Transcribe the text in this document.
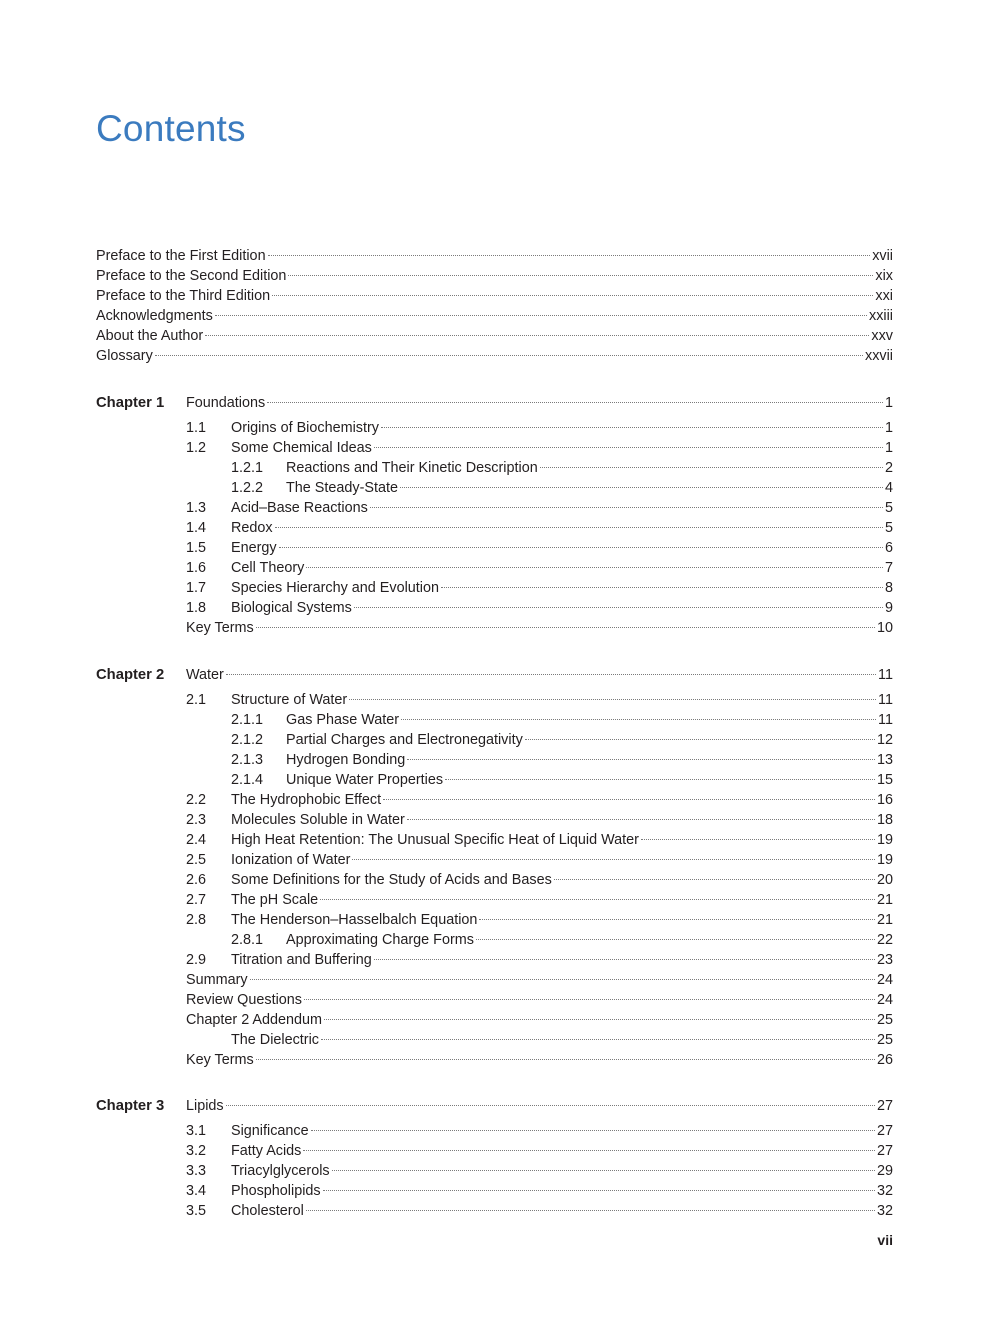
Contents
Preface to the First Edition	xvii
Preface to the Second Edition	xix
Preface to the Third Edition	xxi
Acknowledgments	xxiii
About the Author	xxv
Glossary	xxvii
Chapter 1 Foundations	1
1.1	Origins of Biochemistry	1
1.2	Some Chemical Ideas	1
1.2.1	Reactions and Their Kinetic Description	2
1.2.2	The Steady-State	4
1.3	Acid–Base Reactions	5
1.4	Redox	5
1.5	Energy	6
1.6	Cell Theory	7
1.7	Species Hierarchy and Evolution	8
1.8	Biological Systems	9
Key Terms	10
Chapter 2 Water	11
2.1	Structure of Water	11
2.1.1	Gas Phase Water	11
2.1.2	Partial Charges and Electronegativity	12
2.1.3	Hydrogen Bonding	13
2.1.4	Unique Water Properties	15
2.2	The Hydrophobic Effect	16
2.3	Molecules Soluble in Water	18
2.4	High Heat Retention: The Unusual Specific Heat of Liquid Water	19
2.5	Ionization of Water	19
2.6	Some Definitions for the Study of Acids and Bases	20
2.7	The pH Scale	21
2.8	The Henderson–Hasselbalch Equation	21
2.8.1	Approximating Charge Forms	22
2.9	Titration and Buffering	23
Summary	24
Review Questions	24
Chapter 2 Addendum	25
The Dielectric	25
Key Terms	26
Chapter 3 Lipids	27
3.1	Significance	27
3.2	Fatty Acids	27
3.3	Triacylglycerols	29
3.4	Phospholipids	32
3.5	Cholesterol	32
vii
